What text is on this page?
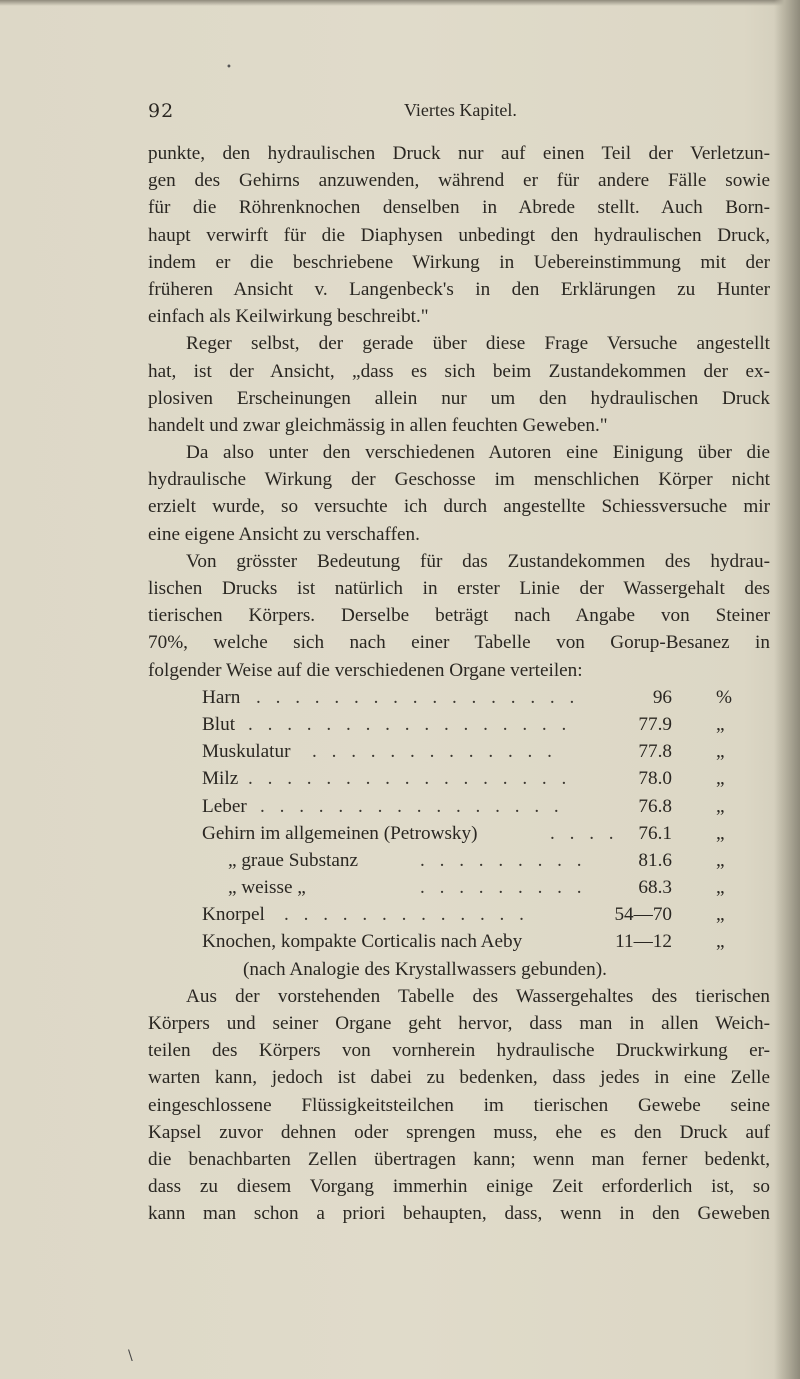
•
92	Viertes Kapitel.
punkte, den hydraulischen Druck nur auf einen Teil der Verletzun-
gen des Gehirns anzuwenden, während er für andere Fälle sowie
für die Röhrenknochen denselben in Abrede stellt. Auch Born-
haupt verwirft für die Diaphysen unbedingt den hydraulischen Druck,
indem er die beschriebene Wirkung in Uebereinstimmung mit der
früheren Ansicht v. Langenbeck's in den Erklärungen zu Hunter
einfach als Keilwirkung beschreibt."
Reger selbst, der gerade über diese Frage Versuche angestellt
hat, ist der Ansicht, „dass es sich beim Zustandekommen der ex-
plosiven Erscheinungen allein nur um den hydraulischen Druck
handelt und zwar gleichmässig in allen feuchten Geweben."
Da also unter den verschiedenen Autoren eine Einigung über die
hydraulische Wirkung der Geschosse im menschlichen Körper nicht
erzielt wurde, so versuchte ich durch angestellte Schiessversuche mir
eine eigene Ansicht zu verschaffen.
Von grösster Bedeutung für das Zustandekommen des hydrau-
lischen Drucks ist natürlich in erster Linie der Wassergehalt des
tierischen Körpers. Derselbe beträgt nach Angabe von Steiner
70%, welche sich nach einer Tabelle von Gorup-Besanez in
folgender Weise auf die verschiedenen Organe verteilen:
Harn . . . . . . . . . . . . . . . . .	96 %
Blut . . . . . . . . . . . . . . . . .	77.9 „
Muskulatur . . . . . . . . . . . . .	77.8 „
Milz . . . . . . . . . . . . . . . . .	78.0 „
Leber . . . . . . . . . . . . . . . .	76.8 „
Gehirn im allgemeinen (Petrowsky)	. . . . 76.1 „
„ graue Substanz	. . . . . . . . .	81.6 „
„ weisse „	. . . . . . . . .	68.3 „
Knorpel . . . . . . . . . . . . .	54—70 „
Knochen, kompakte Corticalis nach Aeby	11—12 „
(nach Analogie des Krystallwassers gebunden).
Aus der vorstehenden Tabelle des Wassergehaltes des tierischen
Körpers und seiner Organe geht hervor, dass man in allen Weich-
teilen des Körpers von vornherein hydraulische Druckwirkung er-
warten kann, jedoch ist dabei zu bedenken, dass jedes in eine Zelle
eingeschlossene Flüssigkeitsteilchen im tierischen Gewebe seine
Kapsel zuvor dehnen oder sprengen muss, ehe es den Druck auf
die benachbarten Zellen übertragen kann; wenn man ferner bedenkt,
dass zu diesem Vorgang immerhin einige Zeit erforderlich ist, so
kann man schon a priori behaupten, dass, wenn in den Geweben
\
